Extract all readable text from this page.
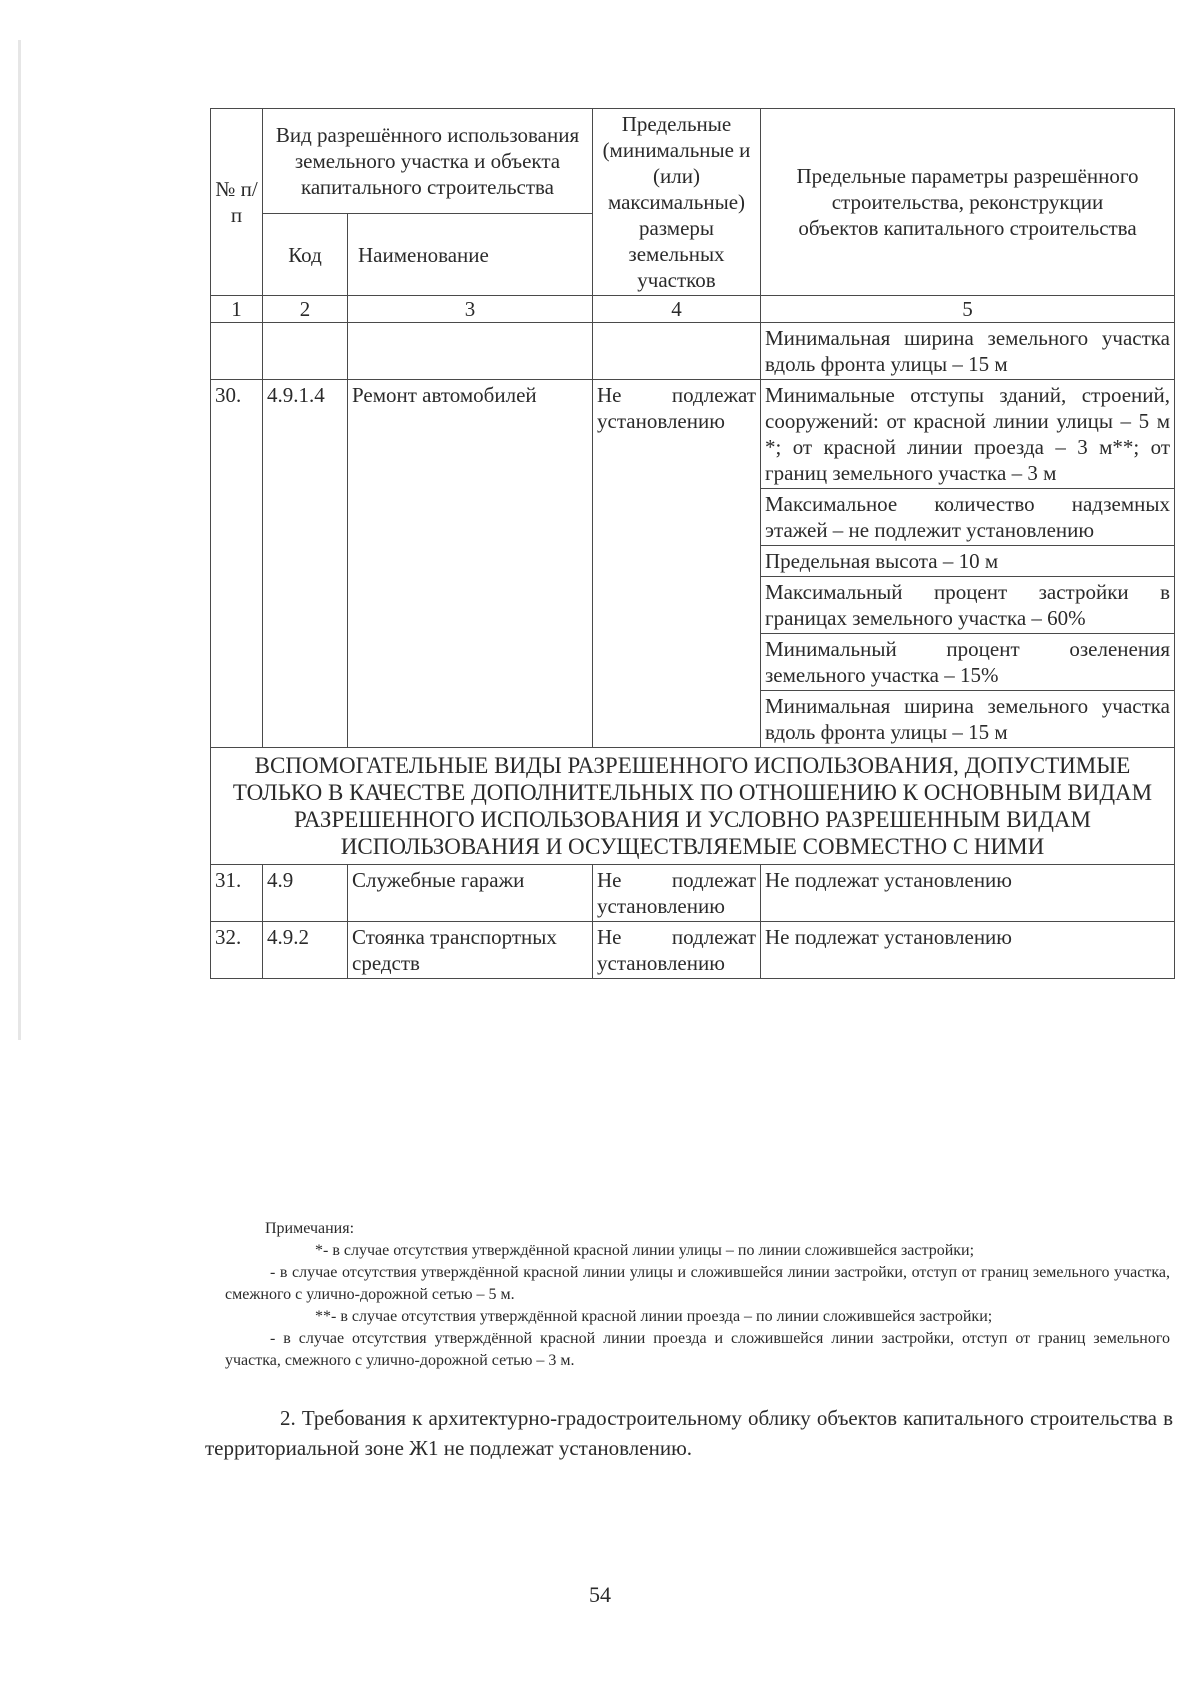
№ п/п	Вид разрешённого использования земельного участка и объекта капитального строительства		Предельные (минимальные и (или) максимальные) размеры земельных участков	Предельные параметры разрешённого строительства, реконструкции объектов капитального строительства
	Код	Наименование		
1	2	3	4	5
				Минимальная ширина земельного участка вдоль фронта улицы – 15 м
30.	4.9.1.4	Ремонт автомобилей	Не подлежат установлению	Минимальные отступы зданий, строений, сооружений: от красной линии улицы – 5 м *; от красной линии проезда – 3 м**; от границ земельного участка – 3 м
				Максимальное количество надземных этажей – не подлежит установлению
				Предельная высота – 10 м
				Максимальный процент застройки в границах земельного участка – 60%
				Минимальный процент озеленения земельного участка – 15%
				Минимальная ширина земельного участка вдоль фронта улицы – 15 м
ВСПОМОГАТЕЛЬНЫЕ ВИДЫ РАЗРЕШЕННОГО ИСПОЛЬЗОВАНИЯ, ДОПУСТИМЫЕ ТОЛЬКО В КАЧЕСТВЕ ДОПОЛНИТЕЛЬНЫХ ПО ОТНОШЕНИЮ К ОСНОВНЫМ ВИДАМ РАЗРЕШЕННОГО ИСПОЛЬЗОВАНИЯ И УСЛОВНО РАЗРЕШЕННЫМ ВИДАМ ИСПОЛЬЗОВАНИЯ И ОСУЩЕСТВЛЯЕМЫЕ СОВМЕСТНО С НИМИ				
31.	4.9	Служебные гаражи	Не подлежат установлению	Не подлежат установлению
32.	4.9.2	Стоянка транспортных средств	Не подлежат установлению	Не подлежат установлению

Примечания:

*- в случае отсутствия утверждённой красной линии улицы – по линии сложившейся застройки;

- в случае отсутствия утверждённой красной линии улицы и сложившейся линии застройки, отступ от границ земельного участка, смежного с улично-дорожной сетью – 5 м.

**- в случае отсутствия утверждённой красной линии проезда – по линии сложившейся застройки;

- в случае отсутствия утверждённой красной линии проезда и сложившейся линии застройки, отступ от границ земельного участка, смежного с улично-дорожной сетью – 3 м.

2. Требования к архитектурно-градостроительному облику объектов капитального строительства в территориальной зоне Ж1 не подлежат установлению.
54
